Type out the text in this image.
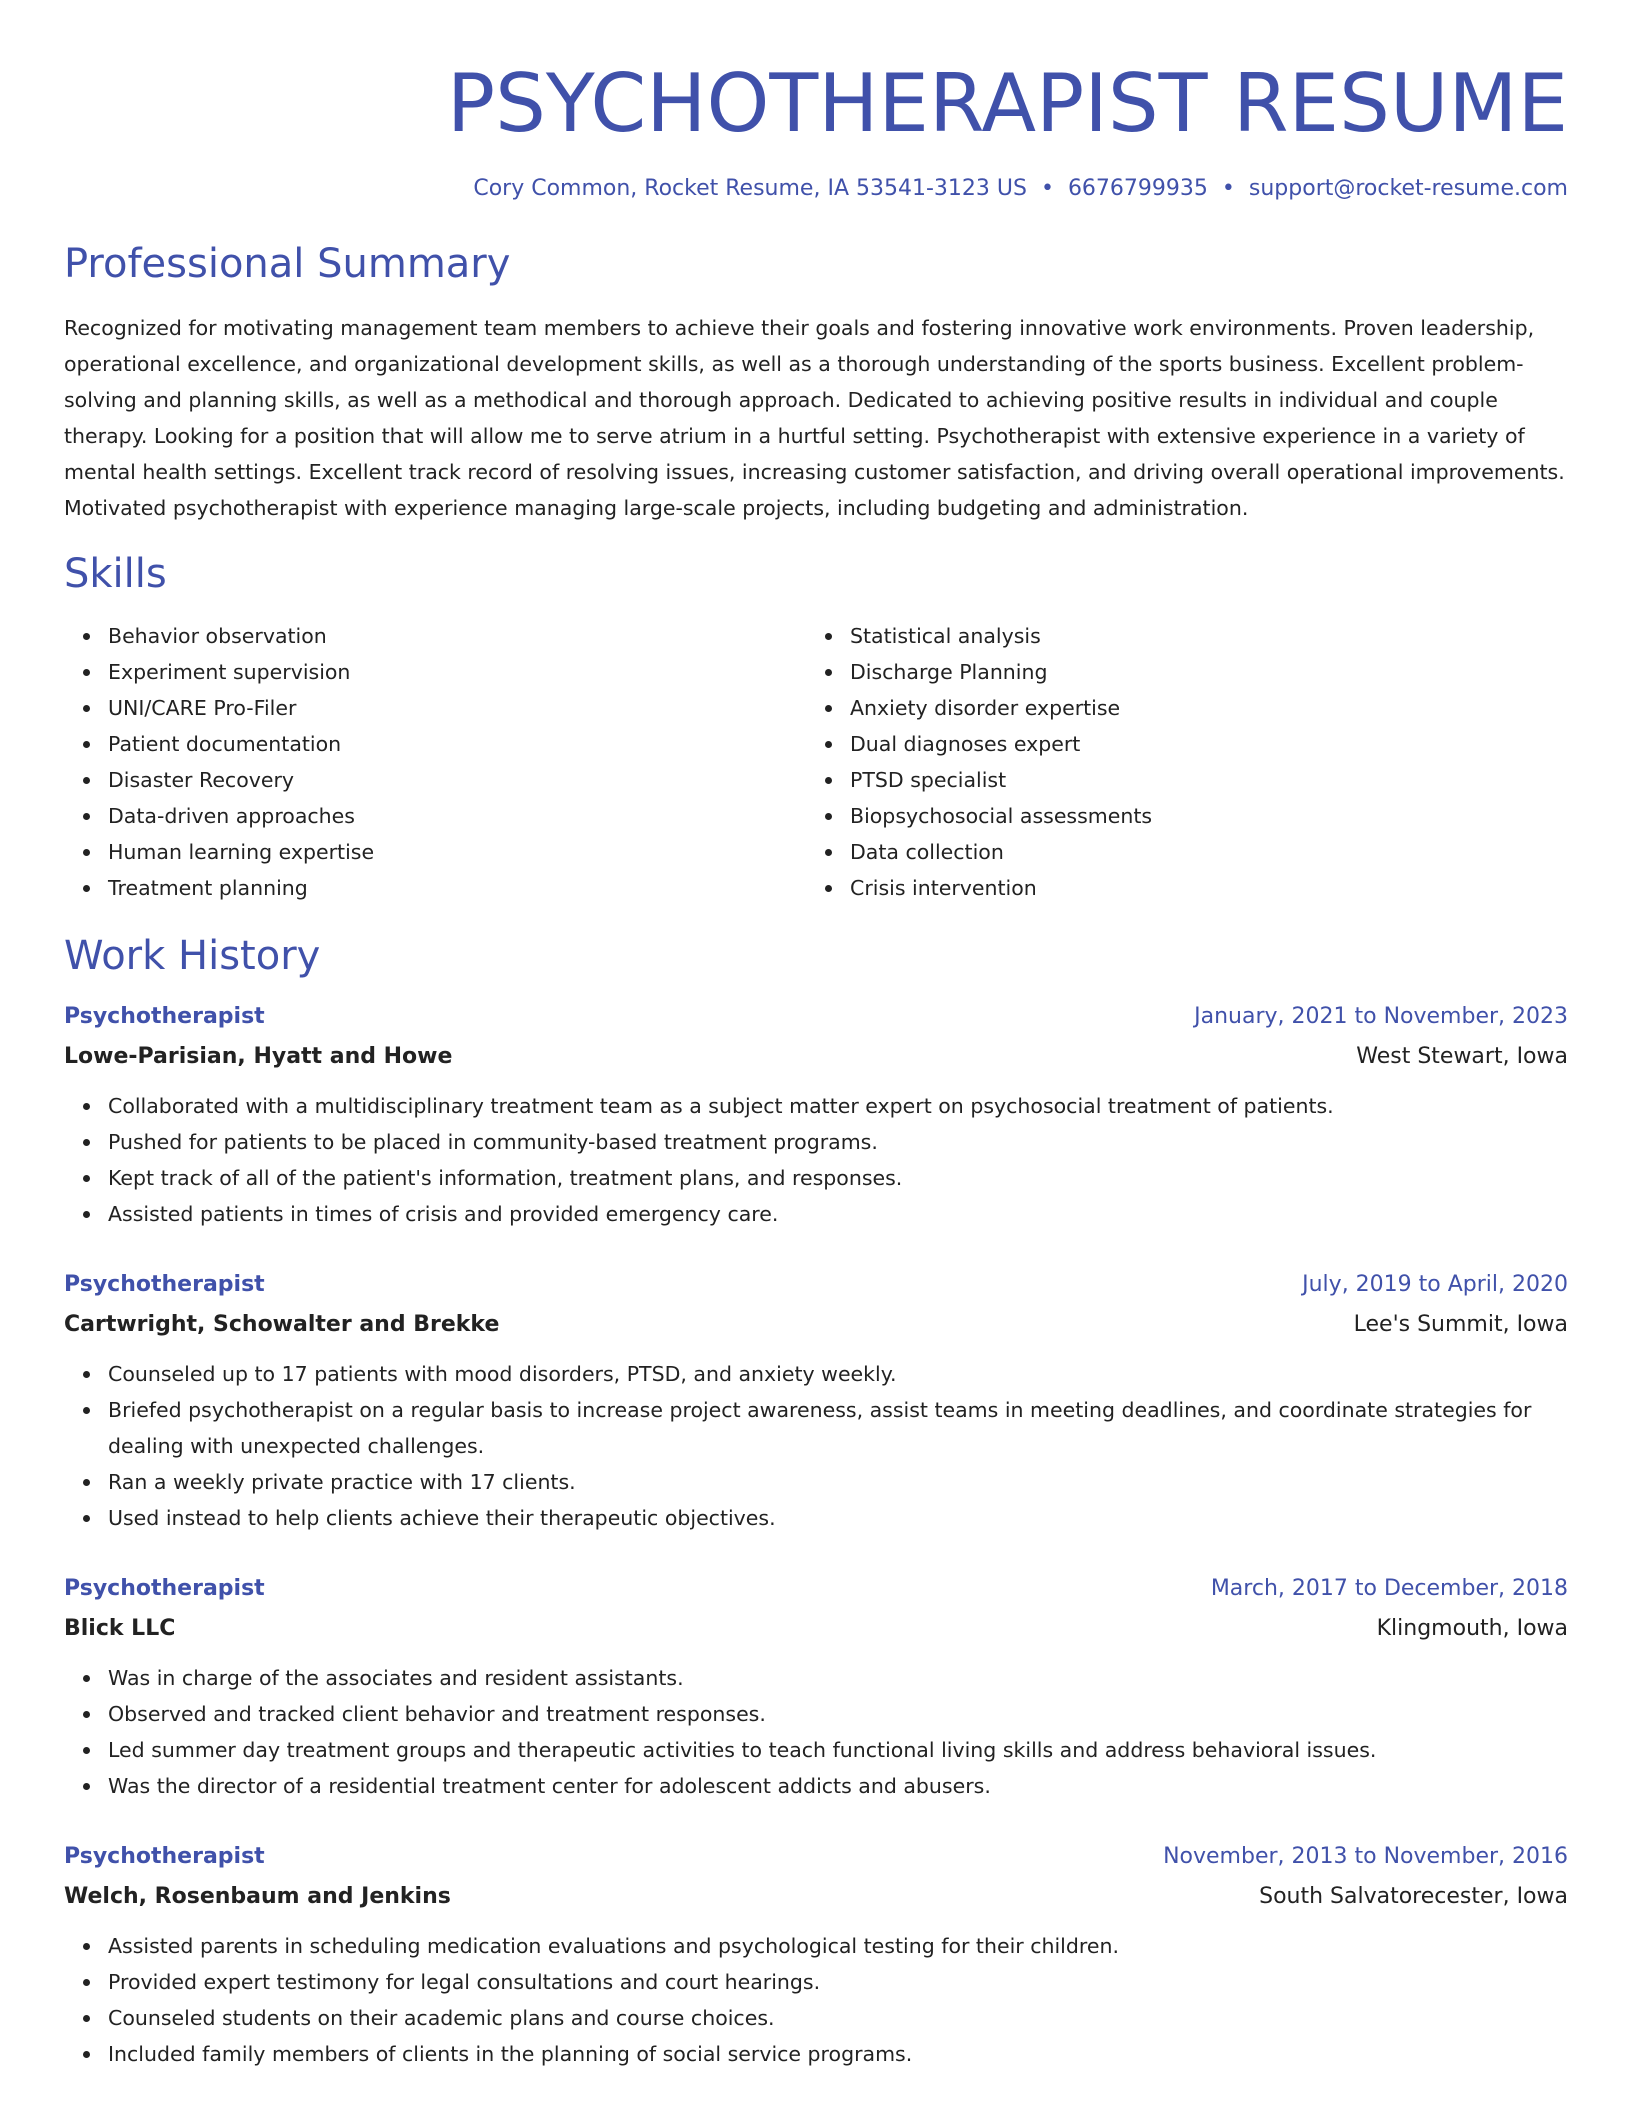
PSYCHOTHERAPIST RESUME
Cory Common, Rocket Resume, IA 53541-3123 US • 6676799935 • support@rocket-resume.com
Professional Summary

Recognized for motivating management team members to achieve their goals and fostering innovative work environments. Proven leadership, operational excellence, and organizational development skills, as well as a thorough understanding of the sports business. Excellent problem-solving and planning skills, as well as a methodical and thorough approach. Dedicated to achieving positive results in individual and couple therapy. Looking for a position that will allow me to serve atrium in a hurtful setting. Psychotherapist with extensive experience in a variety of mental health settings. Excellent track record of resolving issues, increasing customer satisfaction, and driving overall operational improvements. Motivated psychotherapist with experience managing large-scale projects, including budgeting and administration.

Skills
Behavior observation
Experiment supervision
UNI/CARE Pro-Filer
Patient documentation
Disaster Recovery
Data-driven approaches
Human learning expertise
Treatment planning
Statistical analysis
Discharge Planning
Anxiety disorder expertise
Dual diagnoses expert
PTSD specialist
Biopsychosocial assessments
Data collection
Crisis intervention
Work History
Psychotherapist	January, 2021 to November, 2023
Lowe-Parisian, Hyatt and Howe	West Stewart, Iowa
Collaborated with a multidisciplinary treatment team as a subject matter expert on psychosocial treatment of patients.
Pushed for patients to be placed in community-based treatment programs.
Kept track of all of the patient's information, treatment plans, and responses.
Assisted patients in times of crisis and provided emergency care.
Psychotherapist	July, 2019 to April, 2020
Cartwright, Schowalter and Brekke	Lee's Summit, Iowa
Counseled up to 17 patients with mood disorders, PTSD, and anxiety weekly.
Briefed psychotherapist on a regular basis to increase project awareness, assist teams in meeting deadlines, and coordinate strategies for dealing with unexpected challenges.
Ran a weekly private practice with 17 clients.
Used instead to help clients achieve their therapeutic objectives.
Psychotherapist	March, 2017 to December, 2018
Blick LLC	Klingmouth, Iowa
Was in charge of the associates and resident assistants.
Observed and tracked client behavior and treatment responses.
Led summer day treatment groups and therapeutic activities to teach functional living skills and address behavioral issues.
Was the director of a residential treatment center for adolescent addicts and abusers.
Psychotherapist	November, 2013 to November, 2016
Welch, Rosenbaum and Jenkins	South Salvatorecester, Iowa
Assisted parents in scheduling medication evaluations and psychological testing for their children.
Provided expert testimony for legal consultations and court hearings.
Counseled students on their academic plans and course choices.
Included family members of clients in the planning of social service programs.
